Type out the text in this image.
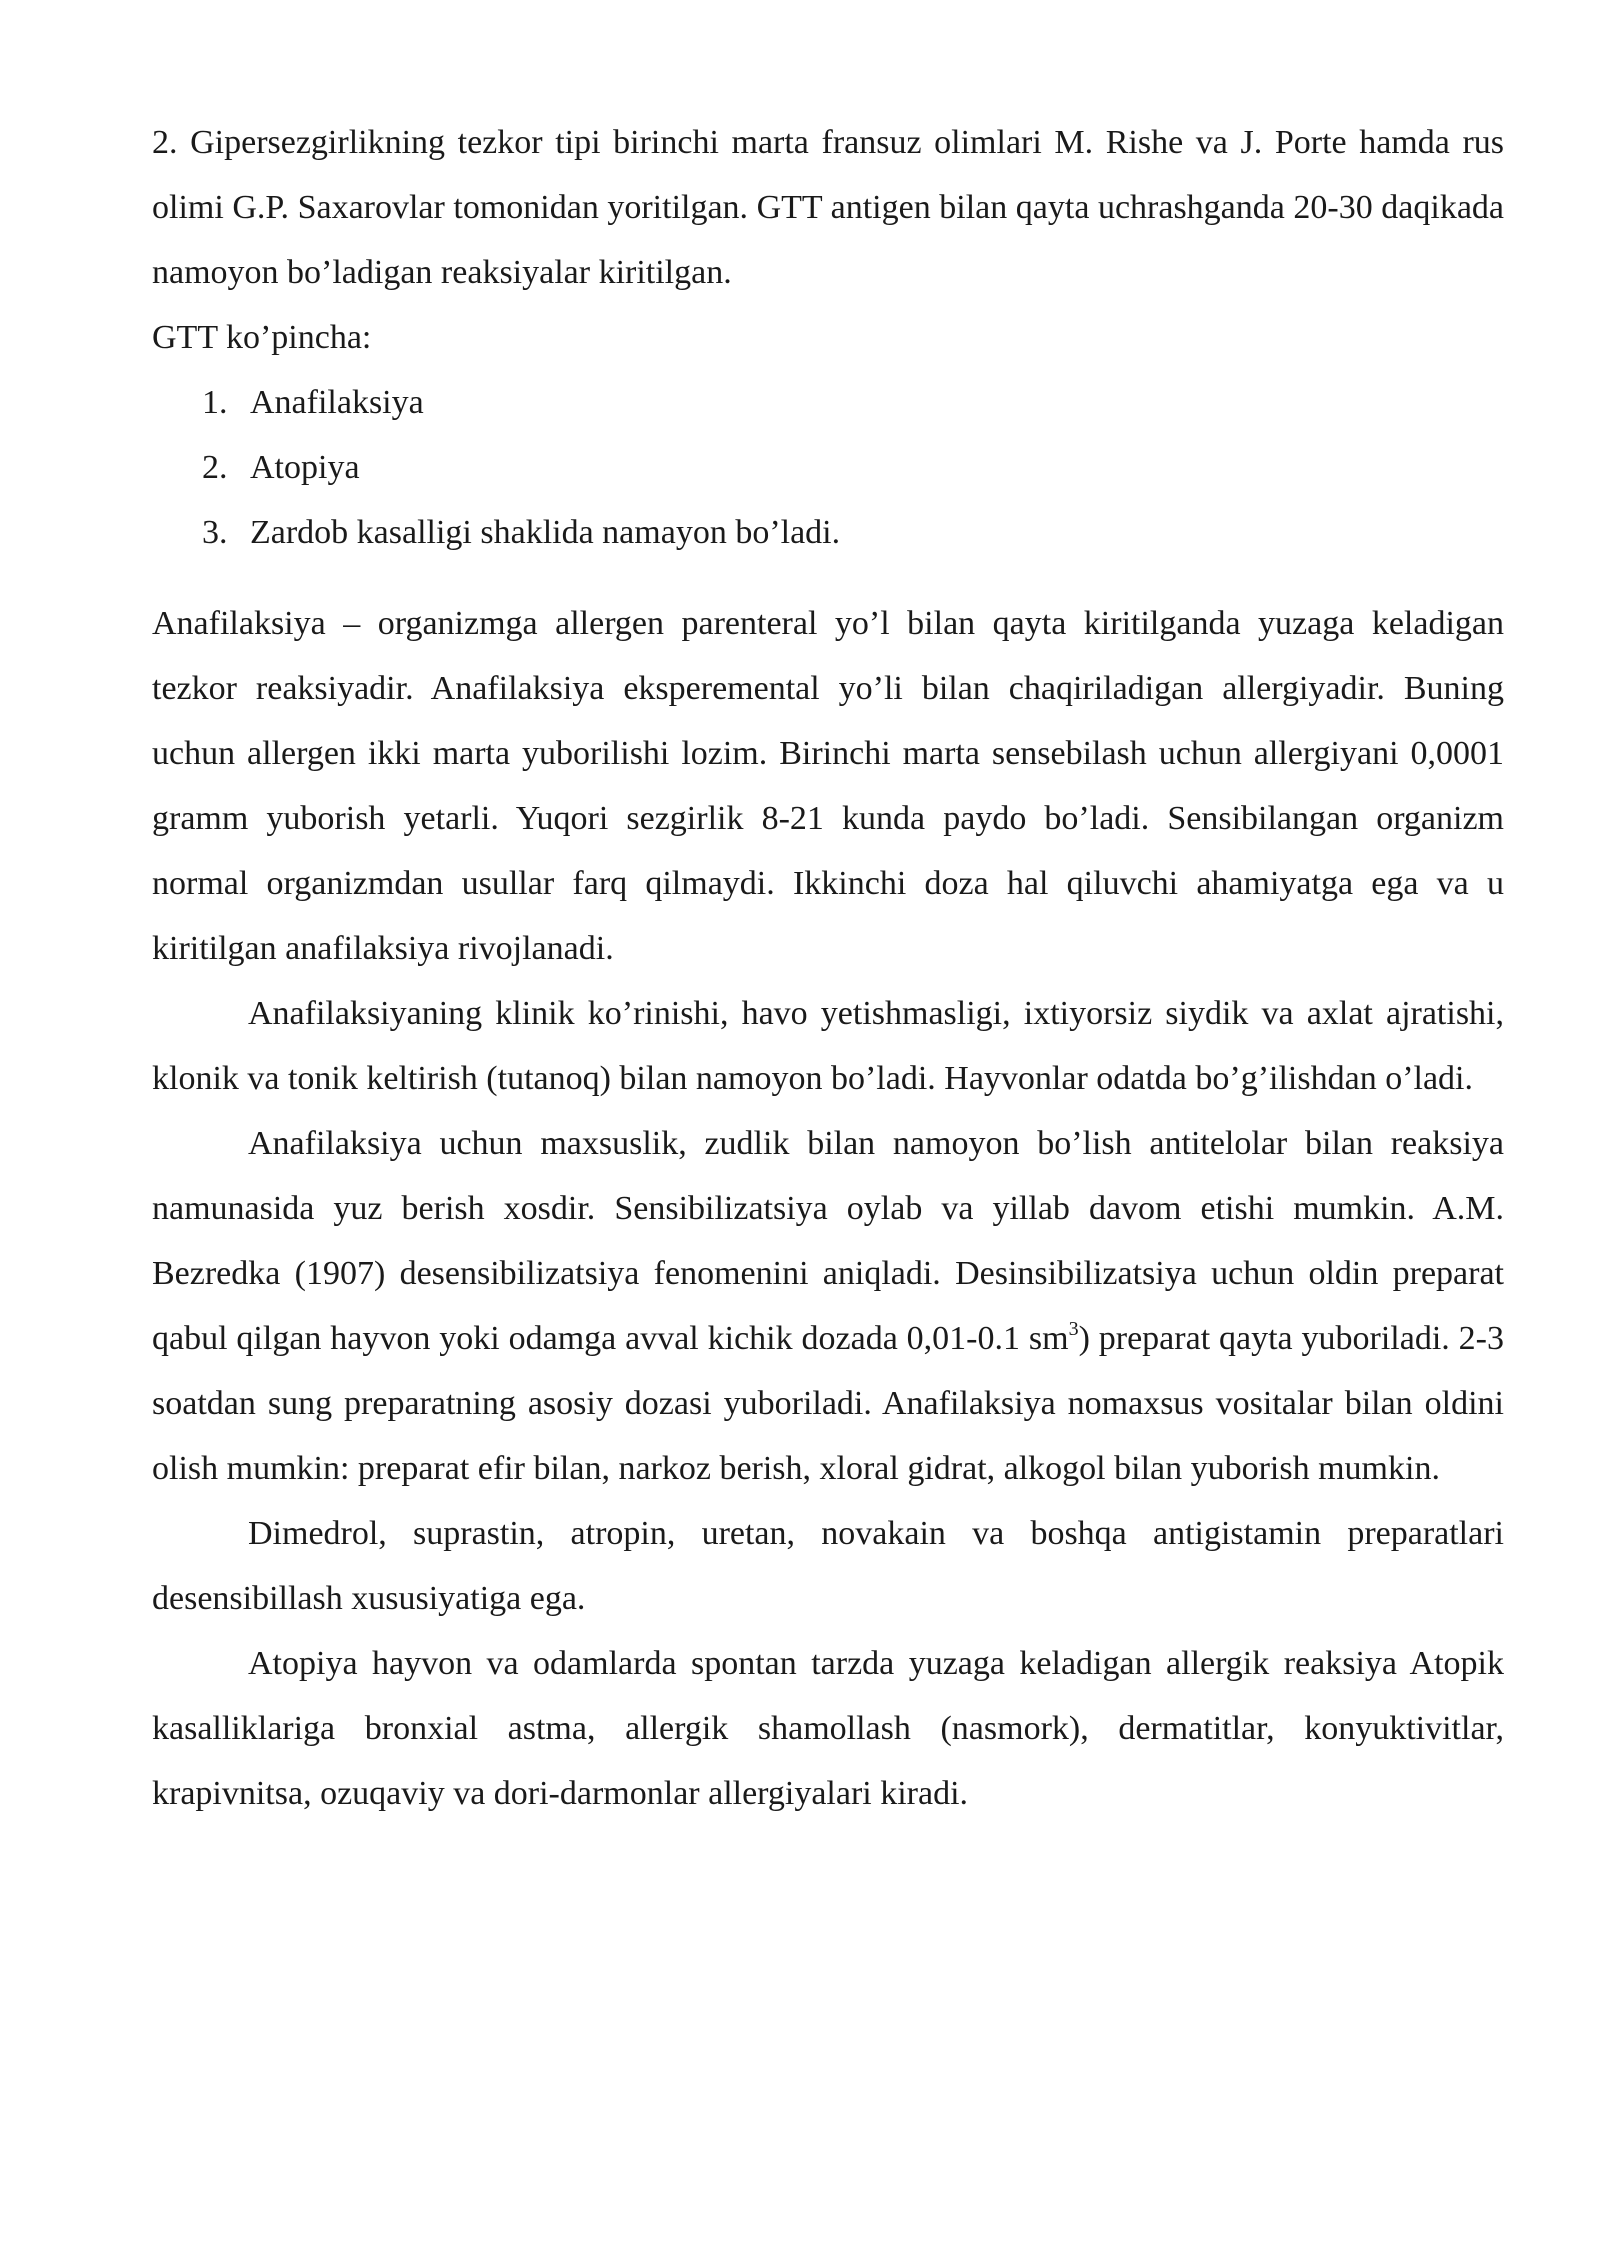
2. Gipersezgirlikning tezkor tipi birinchi marta fransuz olimlari M. Rishe va J. Porte hamda rus olimi G.P. Saxarovlar tomonidan yoritilgan. GTT antigen bilan qayta uchrashganda 20-30 daqikada namoyon bo’ladigan reaksiyalar kiritilgan.

GTT ko’pincha:

1. Anafilaksiya
2. Atopiya
3. Zardob kasalligi shaklida namayon bo’ladi.

Anafilaksiya – organizmga allergen parenteral yo’l bilan qayta kiritilganda yuzaga keladigan tezkor reaksiyadir. Anafilaksiya eksperemental yo’li bilan chaqiriladigan allergiyadir. Buning uchun allergen ikki marta yuborilishi lozim. Birinchi marta sensebilash uchun allergiyani 0,0001 gramm yuborish yetarli. Yuqori sezgirlik 8-21 kunda paydo bo’ladi. Sensibilangan organizm normal organizmdan usullar farq qilmaydi. Ikkinchi doza hal qiluvchi ahamiyatga ega va u kiritilgan anafilaksiya rivojlanadi.

Anafilaksiyaning klinik ko’rinishi, havo yetishmasligi, ixtiyorsiz siydik va axlat ajratishi, klonik va tonik keltirish (tutanoq) bilan namoyon bo’ladi. Hayvonlar odatda bo’g’ilishdan o’ladi.

Anafilaksiya uchun maxsuslik, zudlik bilan namoyon bo’lish antitelolar bilan reaksiya namunasida yuz berish xosdir. Sensibilizatsiya oylab va yillab davom etishi mumkin. A.M. Bezredka (1907) desensibilizatsiya fenomenini aniqladi. Desinsibilizatsiya uchun oldin preparat qabul qilgan hayvon yoki odamga avval kichik dozada 0,01-0.1 $sm^3$) preparat qayta yuboriladi. 2-3 soatdan sung preparatning asosiy dozasi yuboriladi. Anafilaksiya nomaxsus vositalar bilan oldini olish mumkin: preparat efir bilan, narkoz berish, xloral gidrat, alkogol bilan yuborish mumkin.

Dimedrol, suprastin, atropin, uretan, novakain va boshqa antigistamin preparatlari desensibillash xususiyatiga ega.

Atopiya hayvon va odamlarda spontan tarzda yuzaga keladigan allergik reaksiya Atopik kasalliklariga bronxial astma, allergik shamollash (nasmork), dermatitlar, konyuktivitlar, krapivnitsa, ozuqaviy va dori-darmonlar allergiyalari kiradi.
